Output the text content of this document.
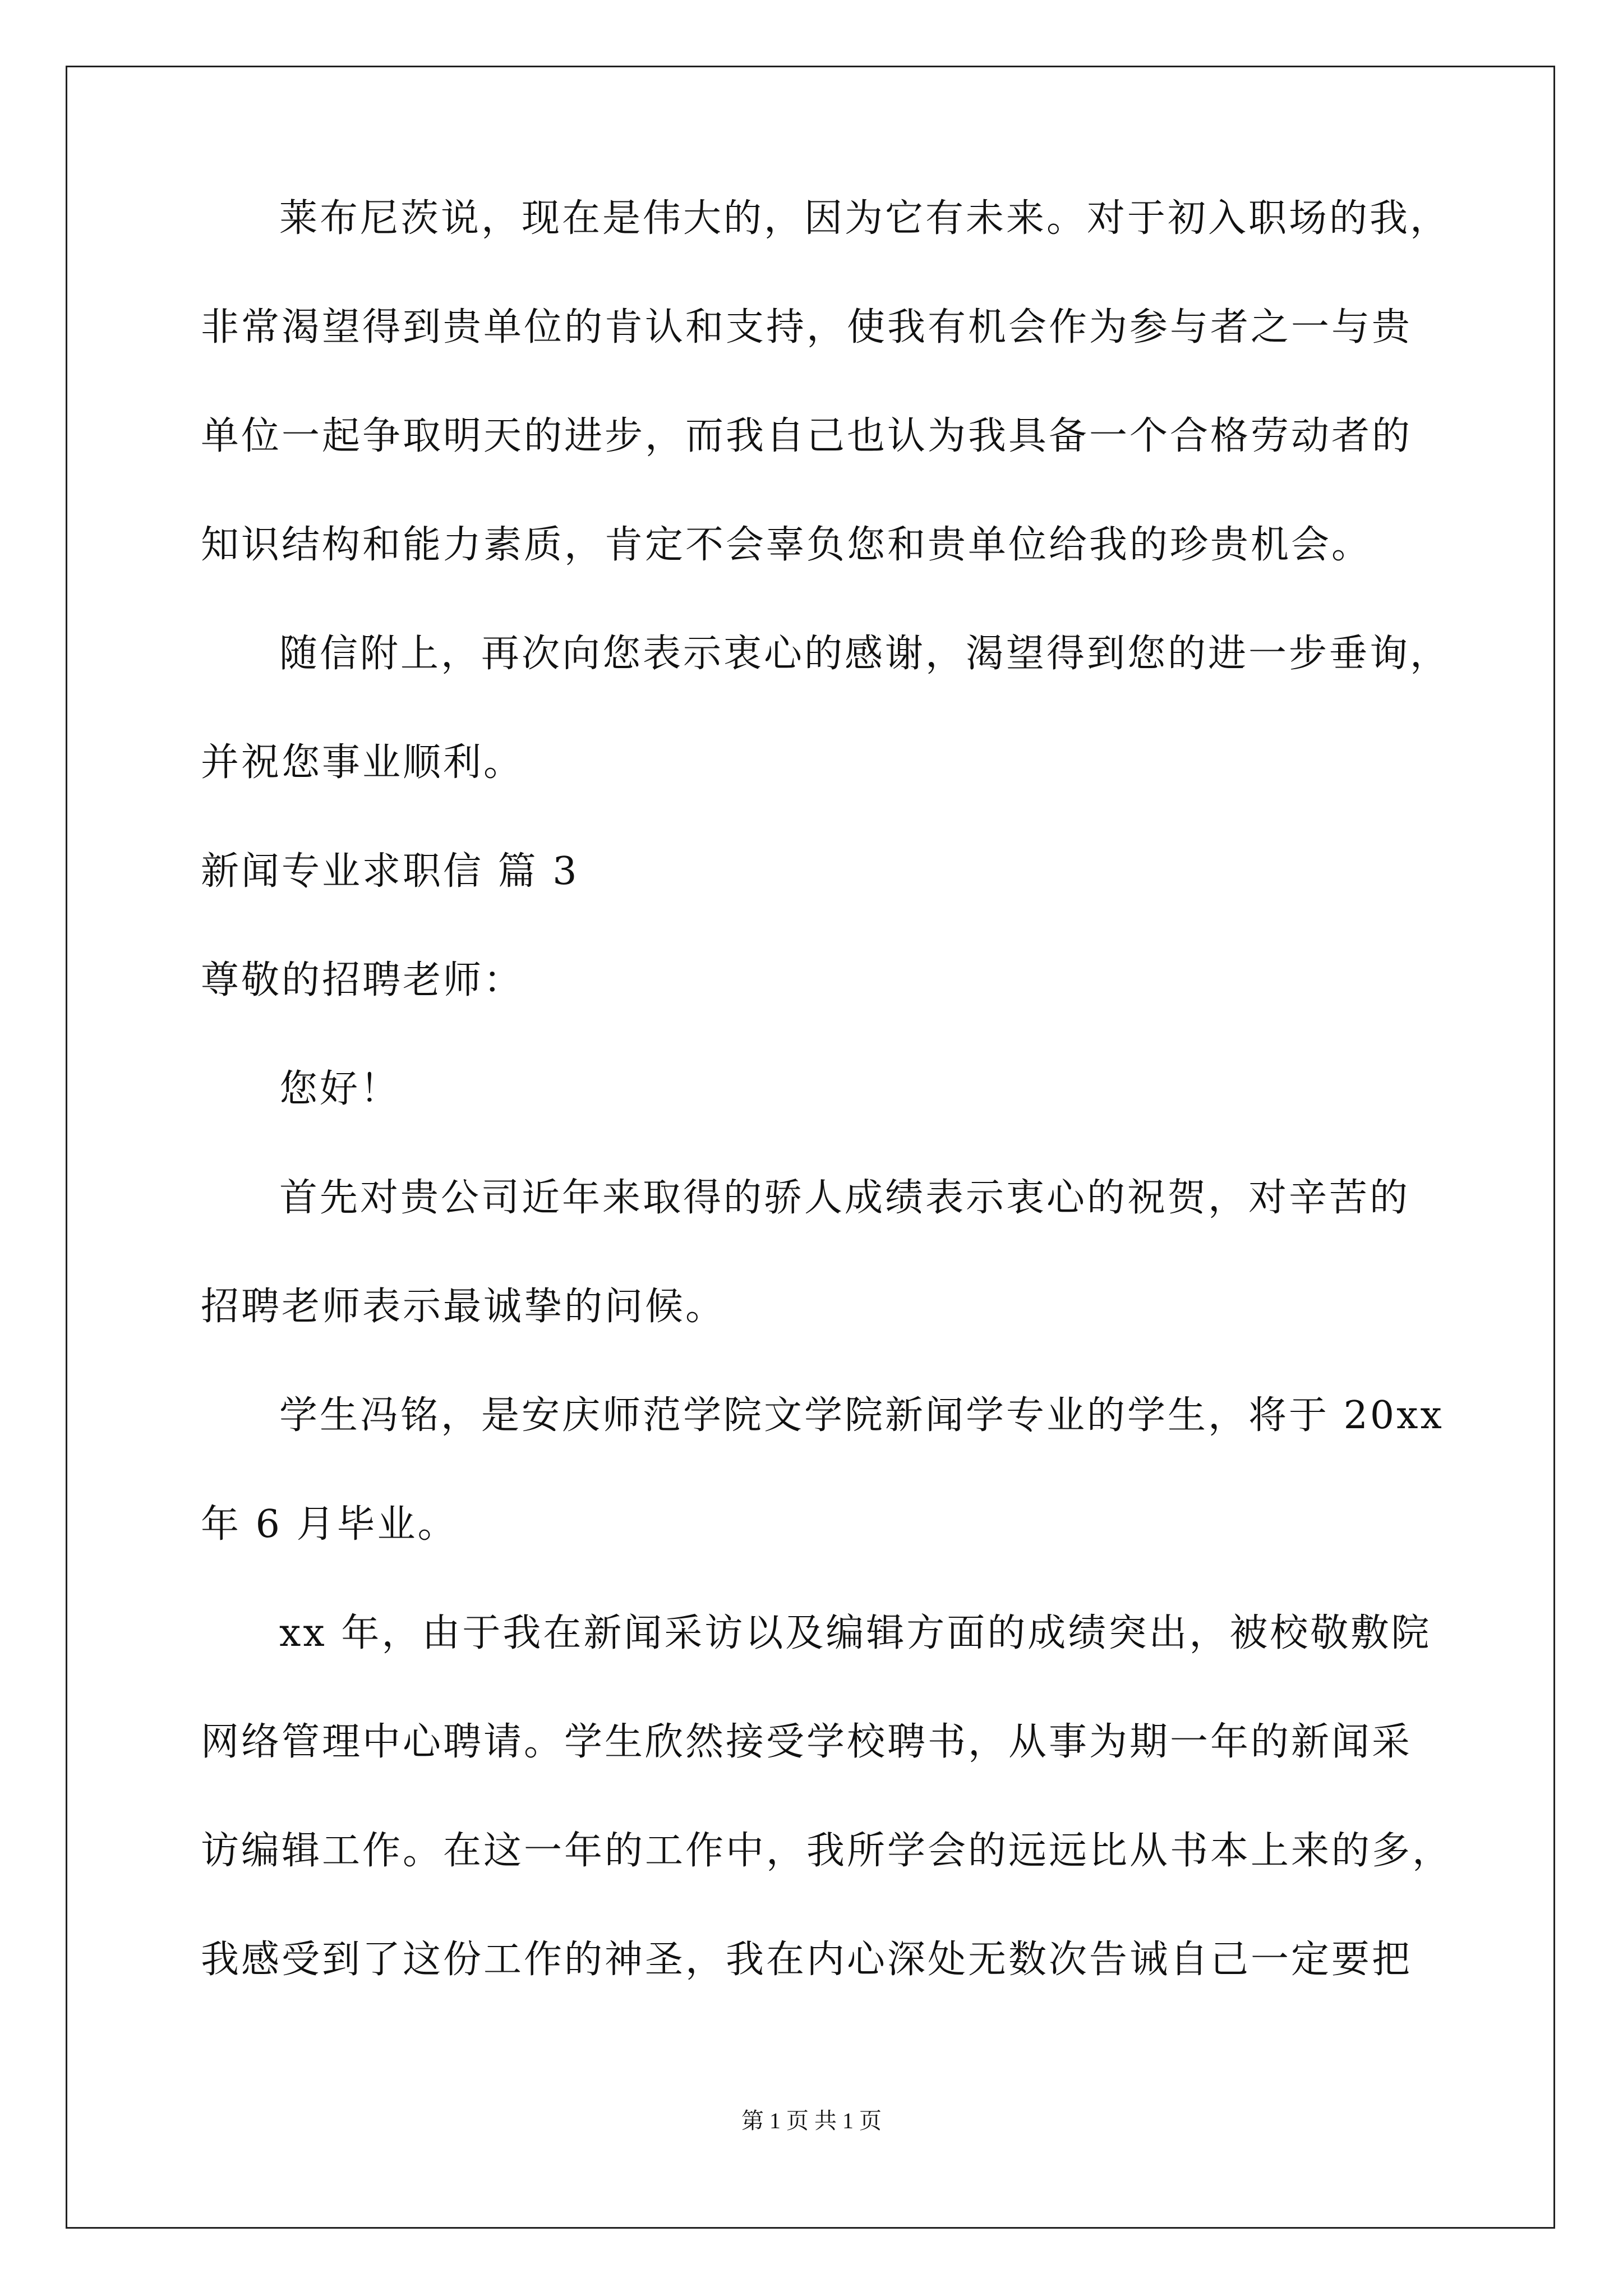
莱布尼茨说，现在是伟大的，因为它有未来。对于初入职场的我，
非常渴望得到贵单位的肯认和支持，使我有机会作为参与者之一与贵
单位一起争取明天的进步，而我自己也认为我具备一个合格劳动者的
知识结构和能力素质，肯定不会辜负您和贵单位给我的珍贵机会。
随信附上，再次向您表示衷心的感谢，渴望得到您的进一步垂询，
并祝您事业顺利。
新闻专业求职信 篇 3
尊敬的招聘老师：
您好！
首先对贵公司近年来取得的骄人成绩表示衷心的祝贺，对辛苦的
招聘老师表示最诚挚的问候。
学生冯铭，是安庆师范学院文学院新闻学专业的学生，将于 20xx
年 6 月毕业。
xx 年，由于我在新闻采访以及编辑方面的成绩突出，被校敬敷院
网络管理中心聘请。学生欣然接受学校聘书，从事为期一年的新闻采
访编辑工作。在这一年的工作中，我所学会的远远比从书本上来的多，
我感受到了这份工作的神圣，我在内心深处无数次告诫自己一定要把
第 1 页 共 1 页
